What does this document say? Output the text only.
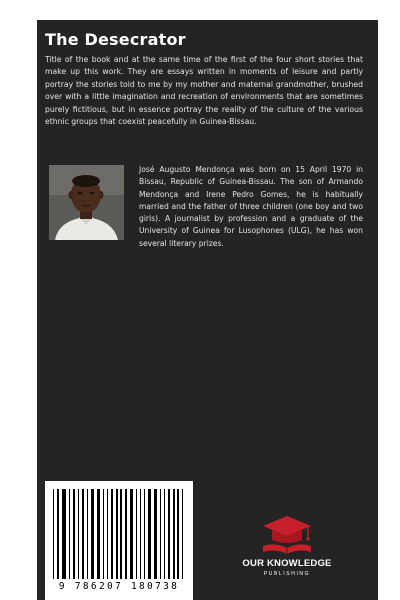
The Desecrator

Title of the book and at the same time of the first of the four short stories that make up this work. They are essays written in moments of leisure and partly portray the stories told to me by my mother and maternal grandmother, brushed over with a little imagination and recreation of environments that are sometimes purely fictitious, but in essence portray the reality of the culture of the various ethnic groups that coexist peacefully in Guinea-Bissau.

José Augusto Mendonça was born on 15 April 1970 in Bissau, Republic of Guinea-Bissau. The son of Armando Mendonça and Irene Pedro Gomes, he is habitually married and the father of three children (one boy and two girls). A journalist by profession and a graduate of the University of Guinea for Lusophones (ULG), he has won several literary prizes.

9 786207 180738
OUR KNOWLEDGE
PUBLISHING
